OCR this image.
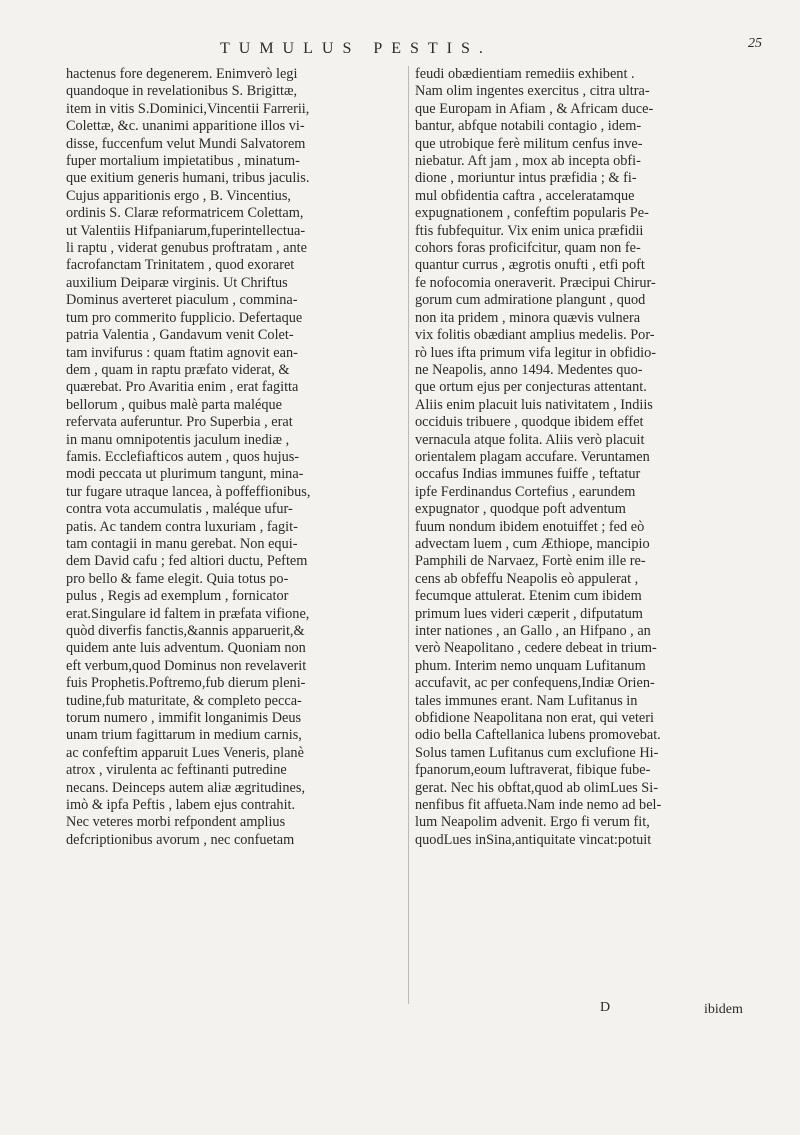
TUMULUS PESTIS.	25
hactenus fore degenerem. Enimverò legi
quandoque in revelationibus S. Brigittæ,
item in vitis S.Dominici,Vincentii Farrerii,
Colettæ, &c. unanimi apparitione illos vi-
disse, fuccenfum velut Mundi Salvatorem
fuper mortalium impietatibus , minatum-
que exitium generis humani, tribus jaculis.
Cujus apparitionis ergo , B. Vincentius,
ordinis S. Claræ reformatricem Colettam,
ut Valentiis Hifpaniarum,fuperintellectua-
li raptu , viderat genubus proftratam , ante
facrofanctam Trinitatem , quod exoraret
auxilium Deiparæ virginis. Ut Chriftus
Dominus averteret piaculum , commina-
tum pro commerito fupplicio. Defertaque
patria Valentia , Gandavum venit Colet-
tam invifurus : quam ftatim agnovit ean-
dem , quam in raptu præfato viderat, &
quærebat. Pro Avaritia enim , erat fagitta
bellorum , quibus malè parta maléque
refervata auferuntur. Pro Superbia , erat
in manu omnipotentis jaculum inediæ ,
famis. Ecclefiafticos autem , quos hujus-
modi peccata ut plurimum tangunt, mina-
tur fugare utraque lancea, à poffeffionibus,
contra vota accumulatis , maléque ufur-
patis. Ac tandem contra luxuriam , fagit-
tam contagii in manu gerebat. Non equi-
dem David cafu ; fed altiori ductu, Peftem
pro bello & fame elegit. Quia totus po-
pulus , Regis ad exemplum , fornicator
erat.Singulare id faltem in præfata vifione,
quòd diverfis fanctis,&annis apparuerit,&
quidem ante luis adventum. Quoniam non
eft verbum,quod Dominus non revelaverit
fuis Prophetis.Poftremo,fub dierum pleni-
tudine,fub maturitate, & completo pecca-
torum numero , immifit longanimis Deus
unam trium fagittarum in medium carnis,
ac confeftim apparuit Lues Veneris, planè
atrox , virulenta ac feftinanti putredine
necans. Deinceps autem aliæ ægritudines,
imò & ipfa Peftis , labem ejus contrahit.
Nec veteres morbi refpondent amplius
defcriptionibus avorum , nec confuetam
feudi obædientiam remediis exhibent .
Nam olim ingentes exercitus , citra ultra-
que Europam in Afiam , & Africam duce-
bantur, abfque notabili contagio , idem-
que utrobique ferè militum cenfus inve-
niebatur. Aft jam , mox ab incepta obfi-
dione , moriuntur intus præfidia ; & fi-
mul obfidentia caftra , acceleratamque
expugnationem , confeftim popularis Pe-
ftis fubfequitur. Vix enim unica præfidii
cohors foras proficifcitur, quam non fe-
quantur currus , ægrotis onufti , etfi poft
fe nofocomia oneraverit. Præcipui Chirur-
gorum cum admiratione plangunt , quod
non ita pridem , minora quævis vulnera
vix folitis obædiant amplius medelis. Por-
rò lues ifta primum vifa legitur in obfidio-
ne Neapolis, anno 1494. Medentes quo-
que ortum ejus per conjecturas attentant.
Aliis enim placuit luis nativitatem , Indiis
occiduis tribuere , quodque ibidem effet
vernacula atque folita. Aliis verò placuit
orientalem plagam accufare. Veruntamen
occafus Indias immunes fuiffe , teftatur
ipfe Ferdinandus Cortefius , earundem
expugnator , quodque poft adventum
fuum nondum ibidem enotuiffet ; fed eò
advectam luem , cum Æthiope, mancipio
Pamphili de Narvaez, Fortè enim ille re-
cens ab obfeffu Neapolis eò appulerat ,
fecumque attulerat. Etenim cum ibidem
primum lues videri cæperit , difputatum
inter nationes , an Gallo , an Hifpano , an
verò Neapolitano , cedere debeat in trium-
phum. Interim nemo unquam Lufitanum
accufavit, ac per confequens,Indiæ Orien-
tales immunes erant. Nam Lufitanus in
obfidione Neapolitana non erat, qui veteri
odio bella Caftellanica lubens promovebat.
Solus tamen Lufitanus cum exclufione Hi-
fpanorum,eoum luftraverat, fibique fube-
gerat. Nec his obftat,quod ab olimLues Si-
nenfibus fit affueta.Nam inde nemo ad bel-
lum Neapolim advenit. Ergo fi verum fit,
quodLues inSina,antiquitate vincat:potuit
D	ibidem
